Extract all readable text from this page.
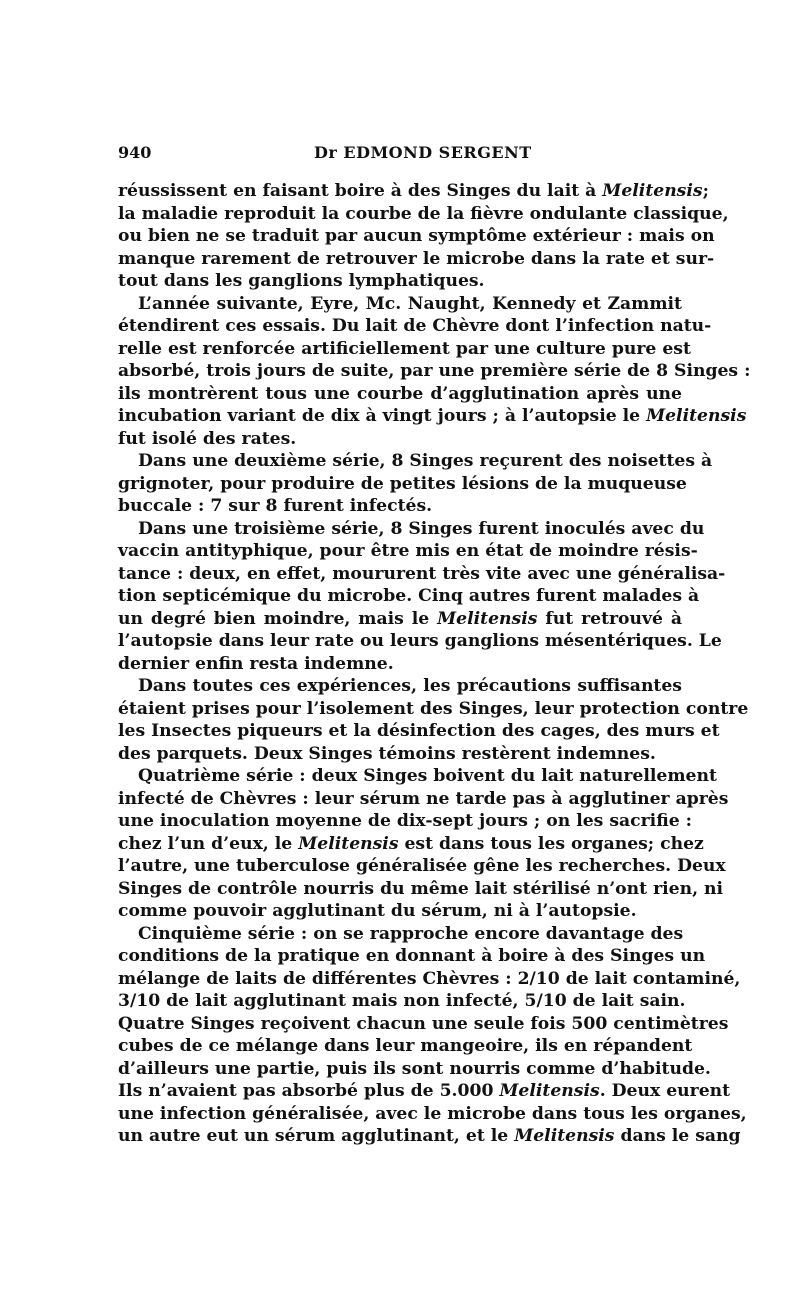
940	Dr EDMOND SERGENT
réussissent en faisant boire à des Singes du lait à Melitensis;
la maladie reproduit la courbe de la fièvre ondulante classique,
ou bien ne se traduit par aucun symptôme extérieur : mais on
manque rarement de retrouver le microbe dans la rate et sur-
tout dans les ganglions lymphatiques.
L’année suivante, Eyre, Mc. Naught, Kennedy et Zammit
étendirent ces essais. Du lait de Chèvre dont l’infection natu-
relle est renforcée artificiellement par une culture pure est
absorbé, trois jours de suite, par une première série de 8 Singes :
ils montrèrent tous une courbe d’agglutination après une
incubation variant de dix à vingt jours ; à l’autopsie le Melitensis
fut isolé des rates.
Dans une deuxième série, 8 Singes reçurent des noisettes à
grignoter, pour produire de petites lésions de la muqueuse
buccale : 7 sur 8 furent infectés.
Dans une troisième série, 8 Singes furent inoculés avec du
vaccin antityphique, pour être mis en état de moindre résis-
tance : deux, en effet, moururent très vite avec une généralisa-
tion septicémique du microbe. Cinq autres furent malades à
un degré bien moindre, mais le Melitensis fut retrouvé à
l’autopsie dans leur rate ou leurs ganglions mésentériques. Le
dernier enfin resta indemne.
Dans toutes ces expériences, les précautions suffisantes
étaient prises pour l’isolement des Singes, leur protection contre
les Insectes piqueurs et la désinfection des cages, des murs et
des parquets. Deux Singes témoins restèrent indemnes.
Quatrième série : deux Singes boivent du lait naturellement
infecté de Chèvres : leur sérum ne tarde pas à agglutiner après
une inoculation moyenne de dix-sept jours ; on les sacrifie :
chez l’un d’eux, le Melitensis est dans tous les organes; chez
l’autre, une tuberculose généralisée gêne les recherches. Deux
Singes de contrôle nourris du même lait stérilisé n’ont rien, ni
comme pouvoir agglutinant du sérum, ni à l’autopsie.
Cinquième série : on se rapproche encore davantage des
conditions de la pratique en donnant à boire à des Singes un
mélange de laits de différentes Chèvres : 2/10 de lait contaminé,
3/10 de lait agglutinant mais non infecté, 5/10 de lait sain.
Quatre Singes reçoivent chacun une seule fois 500 centimètres
cubes de ce mélange dans leur mangeoire, ils en répandent
d’ailleurs une partie, puis ils sont nourris comme d’habitude.
Ils n’avaient pas absorbé plus de 5.000 Melitensis. Deux eurent
une infection généralisée, avec le microbe dans tous les organes,
un autre eut un sérum agglutinant, et le Melitensis dans le sang
